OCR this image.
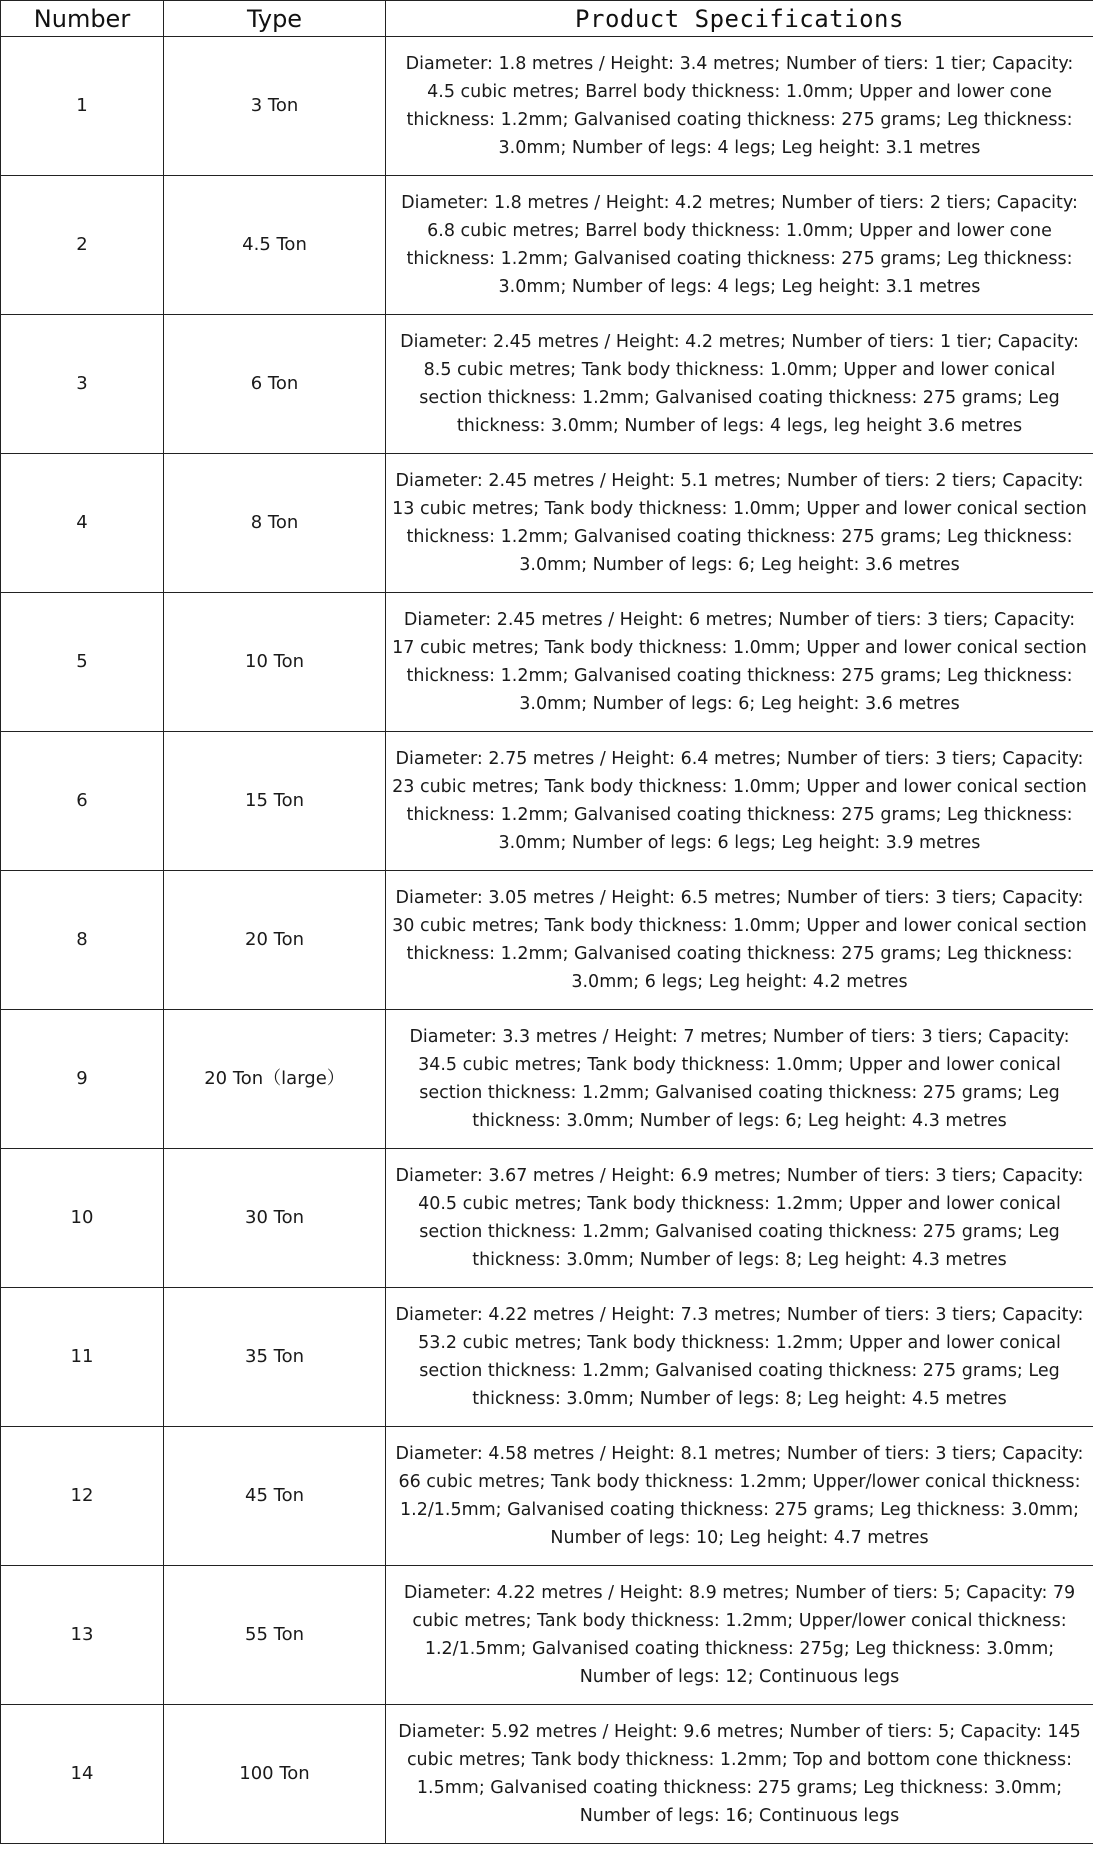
Number	Type	Product Specifications
1	3 Ton	Diameter: 1.8 metres / Height: 3.4 metres; Number of tiers: 1 tier; Capacity: 4.5 cubic metres; Barrel body thickness: 1.0mm; Upper and lower cone thickness: 1.2mm; Galvanised coating thickness: 275 grams; Leg thickness: 3.0mm; Number of legs: 4 legs; Leg height: 3.1 metres
2	4.5 Ton	Diameter: 1.8 metres / Height: 4.2 metres; Number of tiers: 2 tiers; Capacity: 6.8 cubic metres; Barrel body thickness: 1.0mm; Upper and lower cone thickness: 1.2mm; Galvanised coating thickness: 275 grams; Leg thickness: 3.0mm; Number of legs: 4 legs; Leg height: 3.1 metres
3	6 Ton	Diameter: 2.45 metres / Height: 4.2 metres; Number of tiers: 1 tier; Capacity: 8.5 cubic metres; Tank body thickness: 1.0mm; Upper and lower conical section thickness: 1.2mm; Galvanised coating thickness: 275 grams; Leg thickness: 3.0mm; Number of legs: 4 legs, leg height 3.6 metres
4	8 Ton	Diameter: 2.45 metres / Height: 5.1 metres; Number of tiers: 2 tiers; Capacity: 13 cubic metres; Tank body thickness: 1.0mm; Upper and lower conical section thickness: 1.2mm; Galvanised coating thickness: 275 grams; Leg thickness: 3.0mm; Number of legs: 6; Leg height: 3.6 metres
5	10 Ton	Diameter: 2.45 metres / Height: 6 metres; Number of tiers: 3 tiers; Capacity: 17 cubic metres; Tank body thickness: 1.0mm; Upper and lower conical section thickness: 1.2mm; Galvanised coating thickness: 275 grams; Leg thickness: 3.0mm; Number of legs: 6; Leg height: 3.6 metres
6	15 Ton	Diameter: 2.75 metres / Height: 6.4 metres; Number of tiers: 3 tiers; Capacity: 23 cubic metres; Tank body thickness: 1.0mm; Upper and lower conical section thickness: 1.2mm; Galvanised coating thickness: 275 grams; Leg thickness: 3.0mm; Number of legs: 6 legs; Leg height: 3.9 metres
8	20 Ton	Diameter: 3.05 metres / Height: 6.5 metres; Number of tiers: 3 tiers; Capacity: 30 cubic metres; Tank body thickness: 1.0mm; Upper and lower conical section thickness: 1.2mm; Galvanised coating thickness: 275 grams; Leg thickness: 3.0mm; 6 legs; Leg height: 4.2 metres
9	20 Ton（large）	Diameter: 3.3 metres / Height: 7 metres; Number of tiers: 3 tiers; Capacity: 34.5 cubic metres; Tank body thickness: 1.0mm; Upper and lower conical section thickness: 1.2mm; Galvanised coating thickness: 275 grams; Leg thickness: 3.0mm; Number of legs: 6; Leg height: 4.3 metres
10	30 Ton	Diameter: 3.67 metres / Height: 6.9 metres; Number of tiers: 3 tiers; Capacity: 40.5 cubic metres; Tank body thickness: 1.2mm; Upper and lower conical section thickness: 1.2mm; Galvanised coating thickness: 275 grams; Leg thickness: 3.0mm; Number of legs: 8; Leg height: 4.3 metres
11	35 Ton	Diameter: 4.22 metres / Height: 7.3 metres; Number of tiers: 3 tiers; Capacity: 53.2 cubic metres; Tank body thickness: 1.2mm; Upper and lower conical section thickness: 1.2mm; Galvanised coating thickness: 275 grams; Leg thickness: 3.0mm; Number of legs: 8; Leg height: 4.5 metres
12	45 Ton	Diameter: 4.58 metres / Height: 8.1 metres; Number of tiers: 3 tiers; Capacity: 66 cubic metres; Tank body thickness: 1.2mm; Upper/lower conical thickness: 1.2/1.5mm; Galvanised coating thickness: 275 grams; Leg thickness: 3.0mm; Number of legs: 10; Leg height: 4.7 metres
13	55 Ton	Diameter: 4.22 metres / Height: 8.9 metres; Number of tiers: 5; Capacity: 79 cubic metres; Tank body thickness: 1.2mm; Upper/lower conical thickness: 1.2/1.5mm; Galvanised coating thickness: 275g; Leg thickness: 3.0mm; Number of legs: 12; Continuous legs
14	100 Ton	Diameter: 5.92 metres / Height: 9.6 metres; Number of tiers: 5; Capacity: 145 cubic metres; Tank body thickness: 1.2mm; Top and bottom cone thickness: 1.5mm; Galvanised coating thickness: 275 grams; Leg thickness: 3.0mm; Number of legs: 16; Continuous legs
